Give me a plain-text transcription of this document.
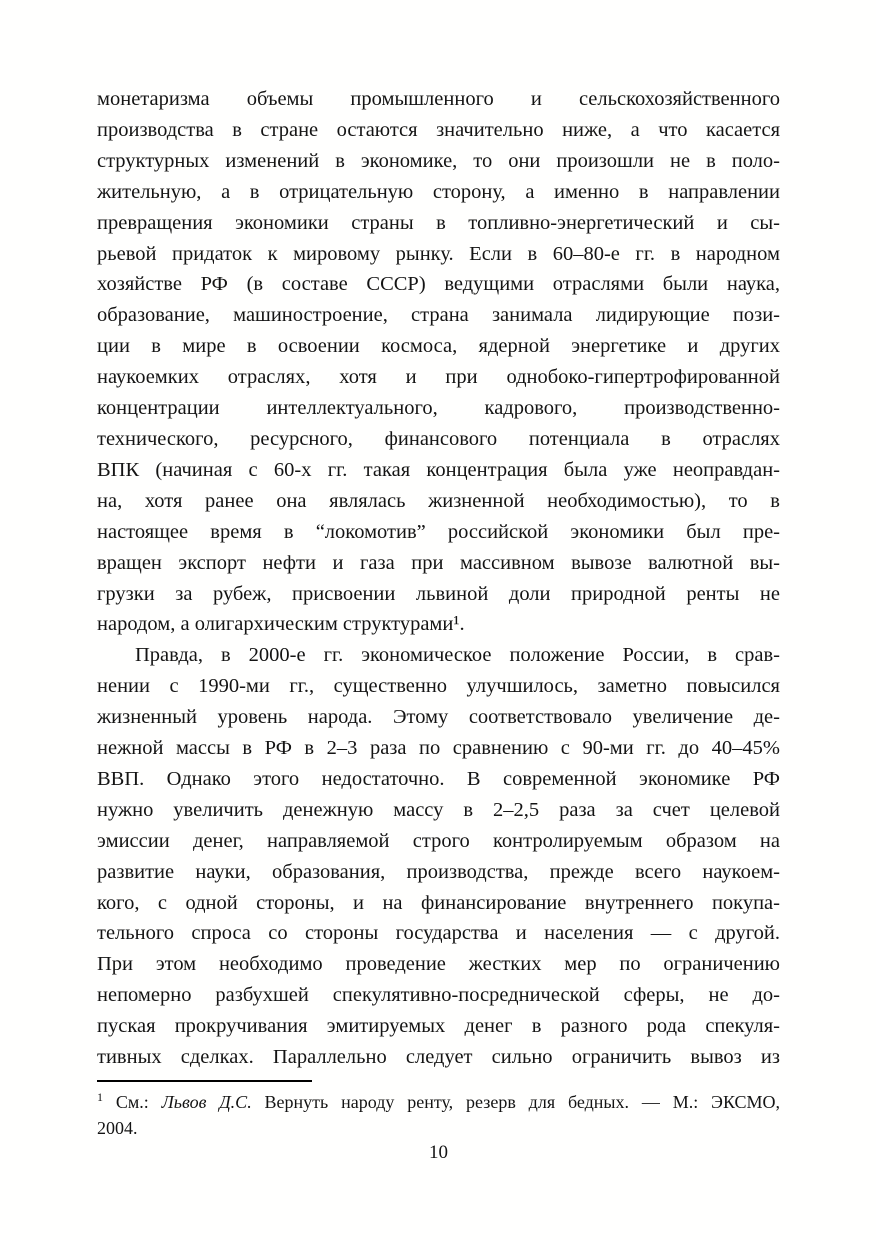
монетаризма объемы промышленного и сельскохозяйственного
производства в стране остаются значительно ниже, а что касается
структурных изменений в экономике, то они произошли не в поло-
жительную, а в отрицательную сторону, а именно в направлении
превращения экономики страны в топливно-энергетический и сы-
рьевой придаток к мировому рынку. Если в 60–80-е гг. в народном
хозяйстве РФ (в составе СССР) ведущими отраслями были наука,
образование, машиностроение, страна занимала лидирующие пози-
ции в мире в освоении космоса, ядерной энергетике и других
наукоемких отраслях, хотя и при однобоко-гипертрофированной
концентрации интеллектуального, кадрового, производственно-
технического, ресурсного, финансового потенциала в отраслях
ВПК (начиная с 60-х гг. такая концентрация была уже неоправдан-
на, хотя ранее она являлась жизненной необходимостью), то в
настоящее время в “локомотив” российской экономики был пре-
вращен экспорт нефти и газа при массивном вывозе валютной вы-
грузки за рубеж, присвоении львиной доли природной ренты не
народом, а олигархическим структурами¹.
Правда, в 2000-е гг. экономическое положение России, в срав-
нении с 1990-ми гг., существенно улучшилось, заметно повысился
жизненный уровень народа. Этому соответствовало увеличение де-
нежной массы в РФ в 2–3 раза по сравнению с 90-ми гг. до 40–45%
ВВП. Однако этого недостаточно. В современной экономике РФ
нужно увеличить денежную массу в 2–2,5 раза за счет целевой
эмиссии денег, направляемой строго контролируемым образом на
развитие науки, образования, производства, прежде всего наукоем-
кого, с одной стороны, и на финансирование внутреннего покупа-
тельного спроса со стороны государства и населения — с другой.
При этом необходимо проведение жестких мер по ограничению
непомерно разбухшей спекулятивно-посреднической сферы, не до-
пуская прокручивания эмитируемых денег в разного рода спекуля-
тивных сделках. Параллельно следует сильно ограничить вывоз из
$^1$ См.: Львов Д.С. Вернуть народу ренту, резерв для бедных. — М.: ЭКСМО,
2004.
10
